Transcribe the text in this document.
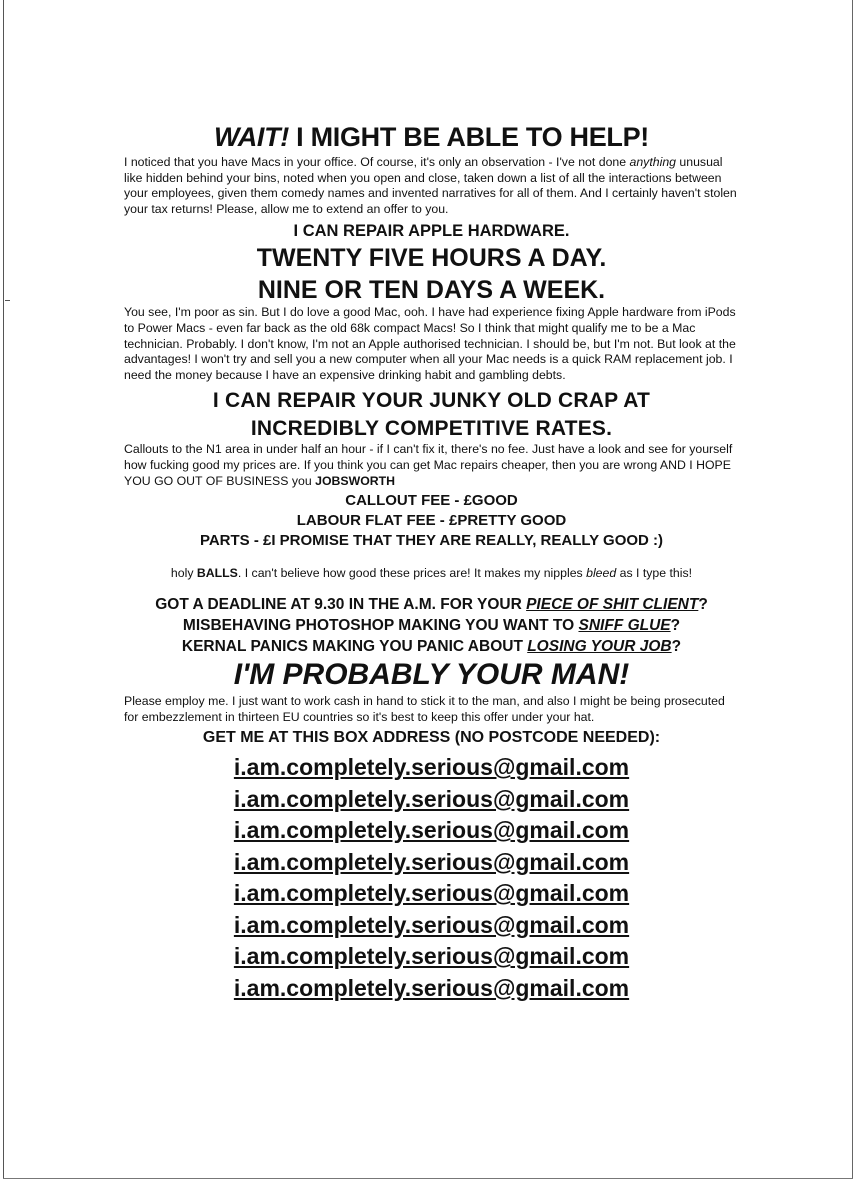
WAIT! I MIGHT BE ABLE TO HELP!

I noticed that you have Macs in your office. Of course, it's only an observation - I've not done anything unusual like hidden behind your bins, noted when you open and close, taken down a list of all the interactions between your employees, given them comedy names and invented narratives for all of them. And I certainly haven't stolen your tax returns! Please, allow me to extend an offer to you.

I CAN REPAIR APPLE HARDWARE.
TWENTY FIVE HOURS A DAY.
NINE OR TEN DAYS A WEEK.

You see, I'm poor as sin. But I do love a good Mac, ooh. I have had experience fixing Apple hardware from iPods to Power Macs - even far back as the old 68k compact Macs! So I think that might qualify me to be a Mac technician. Probably. I don't know, I'm not an Apple authorised technician. I should be, but I'm not. But look at the advantages! I won't try and sell you a new computer when all your Mac needs is a quick RAM replacement job. I need the money because I have an expensive drinking habit and gambling debts.

I CAN REPAIR YOUR JUNKY OLD CRAP AT
INCREDIBLY COMPETITIVE RATES.

Callouts to the N1 area in under half an hour - if I can't fix it, there's no fee. Just have a look and see for yourself how fucking good my prices are. If you think you can get Mac repairs cheaper, then you are wrong AND I HOPE YOU GO OUT OF BUSINESS you JOBSWORTH

CALLOUT FEE - £GOOD
LABOUR FLAT FEE - £PRETTY GOOD
PARTS - £I PROMISE THAT THEY ARE REALLY, REALLY GOOD :)

holy BALLS. I can't believe how good these prices are! It makes my nipples bleed as I type this!

GOT A DEADLINE AT 9.30 IN THE A.M. FOR YOUR PIECE OF SHIT CLIENT?

MISBEHAVING PHOTOSHOP MAKING YOU WANT TO SNIFF GLUE?

KERNAL PANICS MAKING YOU PANIC ABOUT LOSING YOUR JOB?

I'M PROBABLY YOUR MAN!

Please employ me. I just want to work cash in hand to stick it to the man, and also I might be being prosecuted for embezzlement in thirteen EU countries so it's best to keep this offer under your hat.

GET ME AT THIS BOX ADDRESS (NO POSTCODE NEEDED):
i.am.completely.serious@gmail.com
i.am.completely.serious@gmail.com
i.am.completely.serious@gmail.com
i.am.completely.serious@gmail.com
i.am.completely.serious@gmail.com
i.am.completely.serious@gmail.com
i.am.completely.serious@gmail.com
i.am.completely.serious@gmail.com
